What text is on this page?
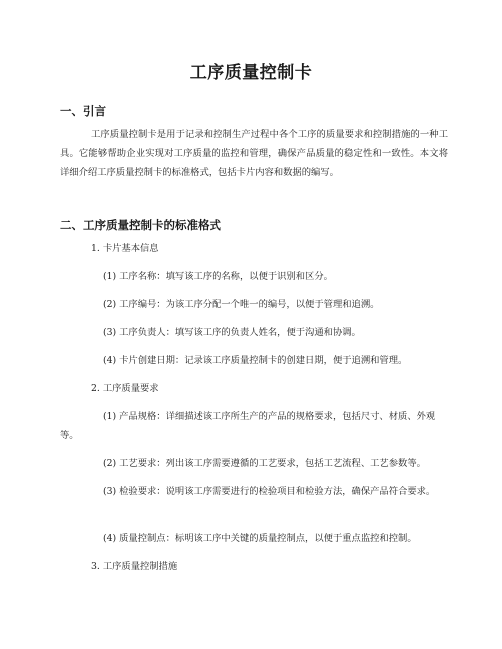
工序质量控制卡
一、引言

工序质量控制卡是用于记录和控制生产过程中各个工序的质量要求和控制措施的一种工具。它能够帮助企业实现对工序质量的监控和管理，确保产品质量的稳定性和一致性。本文将详细介绍工序质量控制卡的标准格式，包括卡片内容和数据的编写。

二、工序质量控制卡的标准格式

1. 卡片基本信息

(1) 工序名称：填写该工序的名称，以便于识别和区分。

(2) 工序编号：为该工序分配一个唯一的编号，以便于管理和追溯。

(3) 工序负责人：填写该工序的负责人姓名，便于沟通和协调。

(4) 卡片创建日期：记录该工序质量控制卡的创建日期，便于追溯和管理。

2. 工序质量要求

(1) 产品规格：详细描述该工序所生产的产品的规格要求，包括尺寸、材质、外观等。

(2) 工艺要求：列出该工序需要遵循的工艺要求，包括工艺流程、工艺参数等。

(3) 检验要求：说明该工序需要进行的检验项目和检验方法，确保产品符合要求。

(4) 质量控制点：标明该工序中关键的质量控制点，以便于重点监控和控制。

3. 工序质量控制措施
